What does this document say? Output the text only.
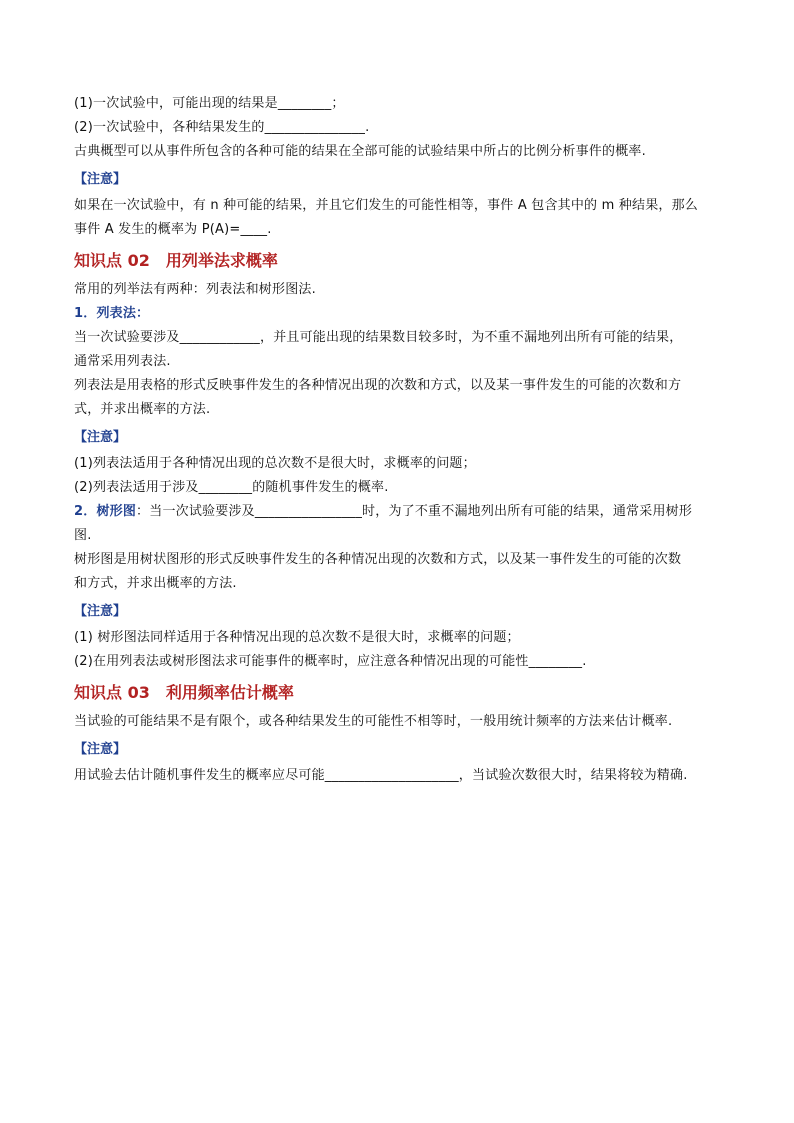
(1)一次试验中，可能出现的结果是________；

(2)一次试验中，各种结果发生的_______________.

古典概型可以从事件所包含的各种可能的结果在全部可能的试验结果中所占的比例分析事件的概率.

【注意】

如果在一次试验中，有 n 种可能的结果，并且它们发生的可能性相等，事件 A 包含其中的 m 种结果，那么

事件 A 发生的概率为 P(A)=____.

知识点 02　用列举法求概率

常用的列举法有两种：列表法和树形图法.

1．列表法：

当一次试验要涉及____________，并且可能出现的结果数目较多时，为不重不漏地列出所有可能的结果，

通常采用列表法.

列表法是用表格的形式反映事件发生的各种情况出现的次数和方式，以及某一事件发生的可能的次数和方

式，并求出概率的方法.

【注意】

(1)列表法适用于各种情况出现的总次数不是很大时，求概率的问题；

(2)列表法适用于涉及________的随机事件发生的概率.

2．树形图：当一次试验要涉及________________时，为了不重不漏地列出所有可能的结果，通常采用树形

图.

树形图是用树状图形的形式反映事件发生的各种情况出现的次数和方式，以及某一事件发生的可能的次数

和方式，并求出概率的方法.

【注意】

(1) 树形图法同样适用于各种情况出现的总次数不是很大时，求概率的问题；

(2)在用列表法或树形图法求可能事件的概率时，应注意各种情况出现的可能性________.

知识点 03　利用频率估计概率

当试验的可能结果不是有限个，或各种结果发生的可能性不相等时，一般用统计频率的方法来估计概率.

【注意】

用试验去估计随机事件发生的概率应尽可能____________________，当试验次数很大时，结果将较为精确.
